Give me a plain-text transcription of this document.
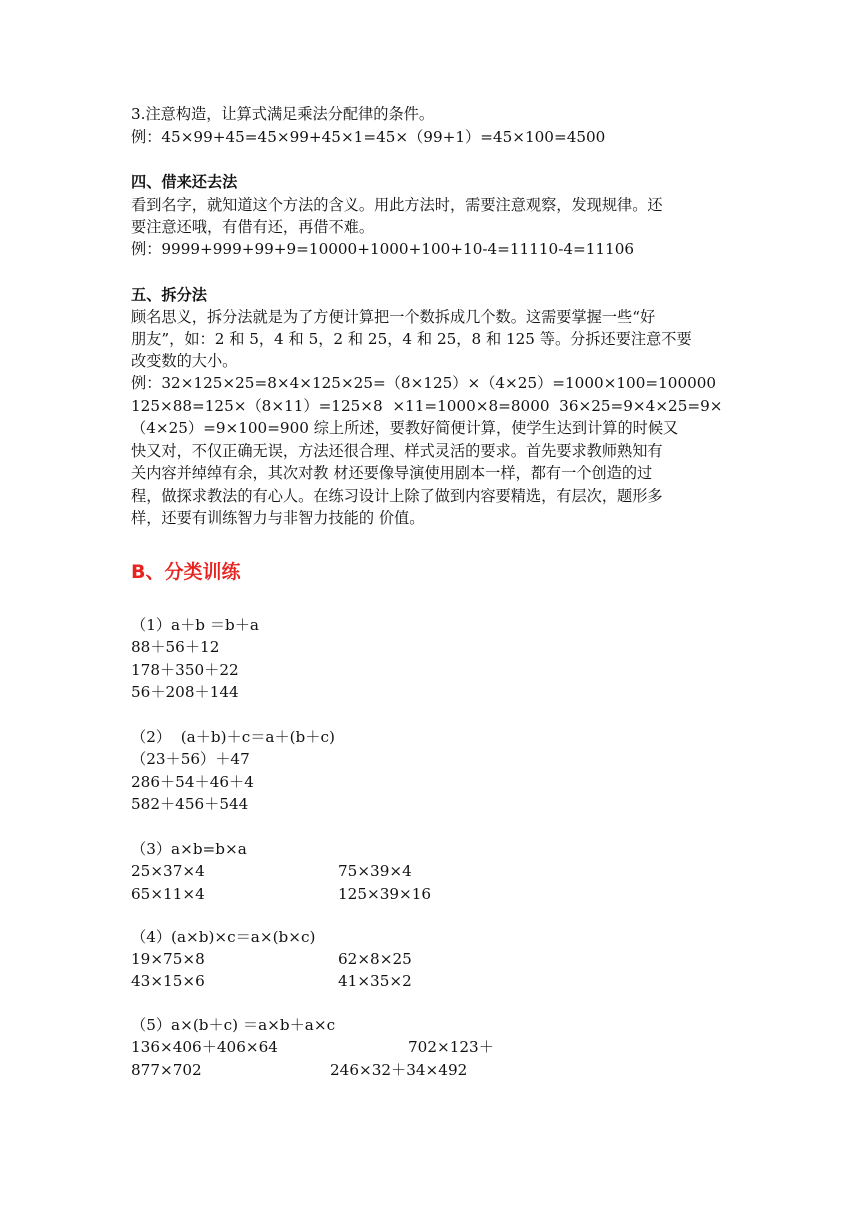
3.注意构造，让算式满足乘法分配律的条件。
例：45×99+45=45×99+45×1=45×（99+1）=45×100=4500
四、借来还去法
看到名字，就知道这个方法的含义。用此方法时，需要注意观察，发现规律。还
要注意还哦，有借有还，再借不难。
例：9999+999+99+9=10000+1000+100+10-4=11110-4=11106
五、拆分法
顾名思义，拆分法就是为了方便计算把一个数拆成几个数。这需要掌握一些“好
朋友”，如：2 和 5，4 和 5，2 和 25，4 和 25，8 和 125 等。分拆还要注意不要
改变数的大小。
例：32×125×25=8×4×125×25=（8×125）×（4×25）=1000×100=100000
125×88=125×（8×11）=125×8  ×11=1000×8=8000  36×25=9×4×25=9×
（4×25）=9×100=900 综上所述，要教好简便计算，使学生达到计算的时候又
快又对，不仅正确无误，方法还很合理、样式灵活的要求。首先要求教师熟知有
关内容并绰绰有余，其次对教 材还要像导演使用剧本一样，都有一个创造的过
程，做探求教法的有心人。在练习设计上除了做到内容要精选，有层次，题形多
样，还要有训练智力与非智力技能的 价值。
B、分类训练
（1）a＋b ＝b＋a
88＋56＋12
178＋350＋22
56＋208＋144
（2）  (a＋b)＋c＝a＋(b＋c)
（23＋56）＋47
286＋54＋46＋4
582＋456＋544
（3）a×b=b×a
25×37×4	75×39×4
65×11×4	125×39×16
（4）(a×b)×c＝a×(b×c)
19×75×8	62×8×25
43×15×6	41×35×2
（5）a×(b＋c) ＝a×b＋a×c
136×406＋406×64	702×123＋
877×702	246×32＋34×492
